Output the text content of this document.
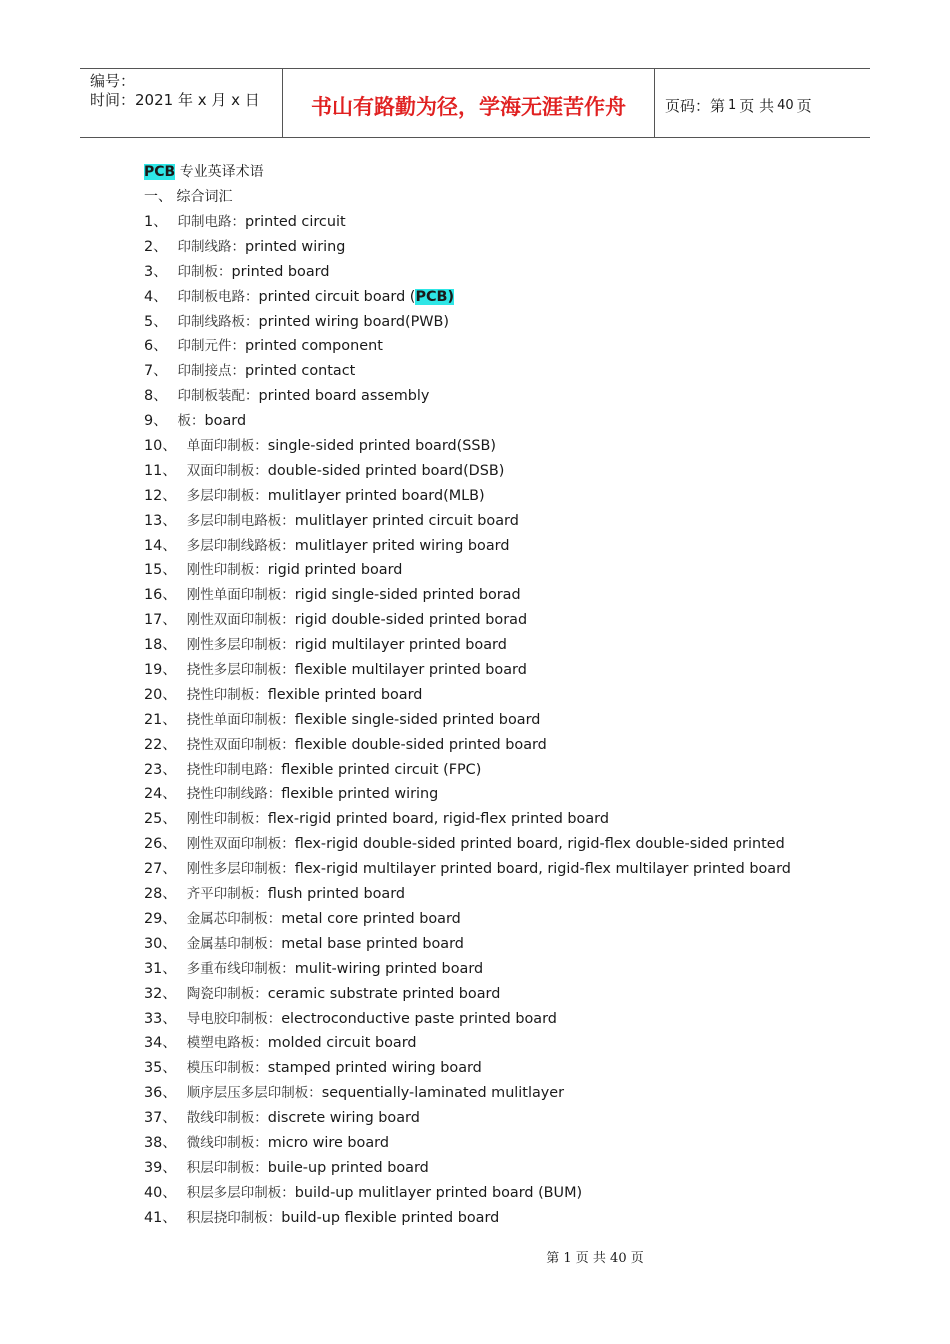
编号：
时间：2021 年 x 月 x 日	书山有路勤为径，学海无涯苦作舟	页码：第 1 页 共 40 页
PCB 专业英译术语
一、 综合词汇
1、 印制电路：printed circuit
2、 印制线路：printed wiring
3、 印制板：printed board
4、 印制板电路：printed circuit board (PCB)
5、 印制线路板：printed wiring board(PWB)
6、 印制元件：printed component
7、 印制接点：printed contact
8、 印制板装配：printed board assembly
9、 板：board
10、 单面印制板：single-sided printed board(SSB)
11、 双面印制板：double-sided printed board(DSB)
12、 多层印制板：mulitlayer printed board(MLB)
13、 多层印制电路板：mulitlayer printed circuit board
14、 多层印制线路板：mulitlayer prited wiring board
15、 刚性印制板：rigid printed board
16、 刚性单面印制板：rigid single-sided printed borad
17、 刚性双面印制板：rigid double-sided printed borad
18、 刚性多层印制板：rigid multilayer printed board
19、 挠性多层印制板：flexible multilayer printed board
20、 挠性印制板：flexible printed board
21、 挠性单面印制板：flexible single-sided printed board
22、 挠性双面印制板：flexible double-sided printed board
23、 挠性印制电路：flexible printed circuit (FPC)
24、 挠性印制线路：flexible printed wiring
25、 刚性印制板：flex-rigid printed board, rigid-flex printed board
26、 刚性双面印制板：flex-rigid double-sided printed board, rigid-flex double-sided printed
27、 刚性多层印制板：flex-rigid multilayer printed board, rigid-flex multilayer printed board
28、 齐平印制板：flush printed board
29、 金属芯印制板：metal core printed board
30、 金属基印制板：metal base printed board
31、 多重布线印制板：mulit-wiring printed board
32、 陶瓷印制板：ceramic substrate printed board
33、 导电胶印制板：electroconductive paste printed board
34、 模塑电路板：molded circuit board
35、 模压印制板：stamped printed wiring board
36、 顺序层压多层印制板：sequentially-laminated mulitlayer
37、 散线印制板：discrete wiring board
38、 微线印制板：micro wire board
39、 积层印制板：buile-up printed board
40、 积层多层印制板：build-up mulitlayer printed board (BUM)
41、 积层挠印制板：build-up flexible printed board
第 1 页 共 40 页
